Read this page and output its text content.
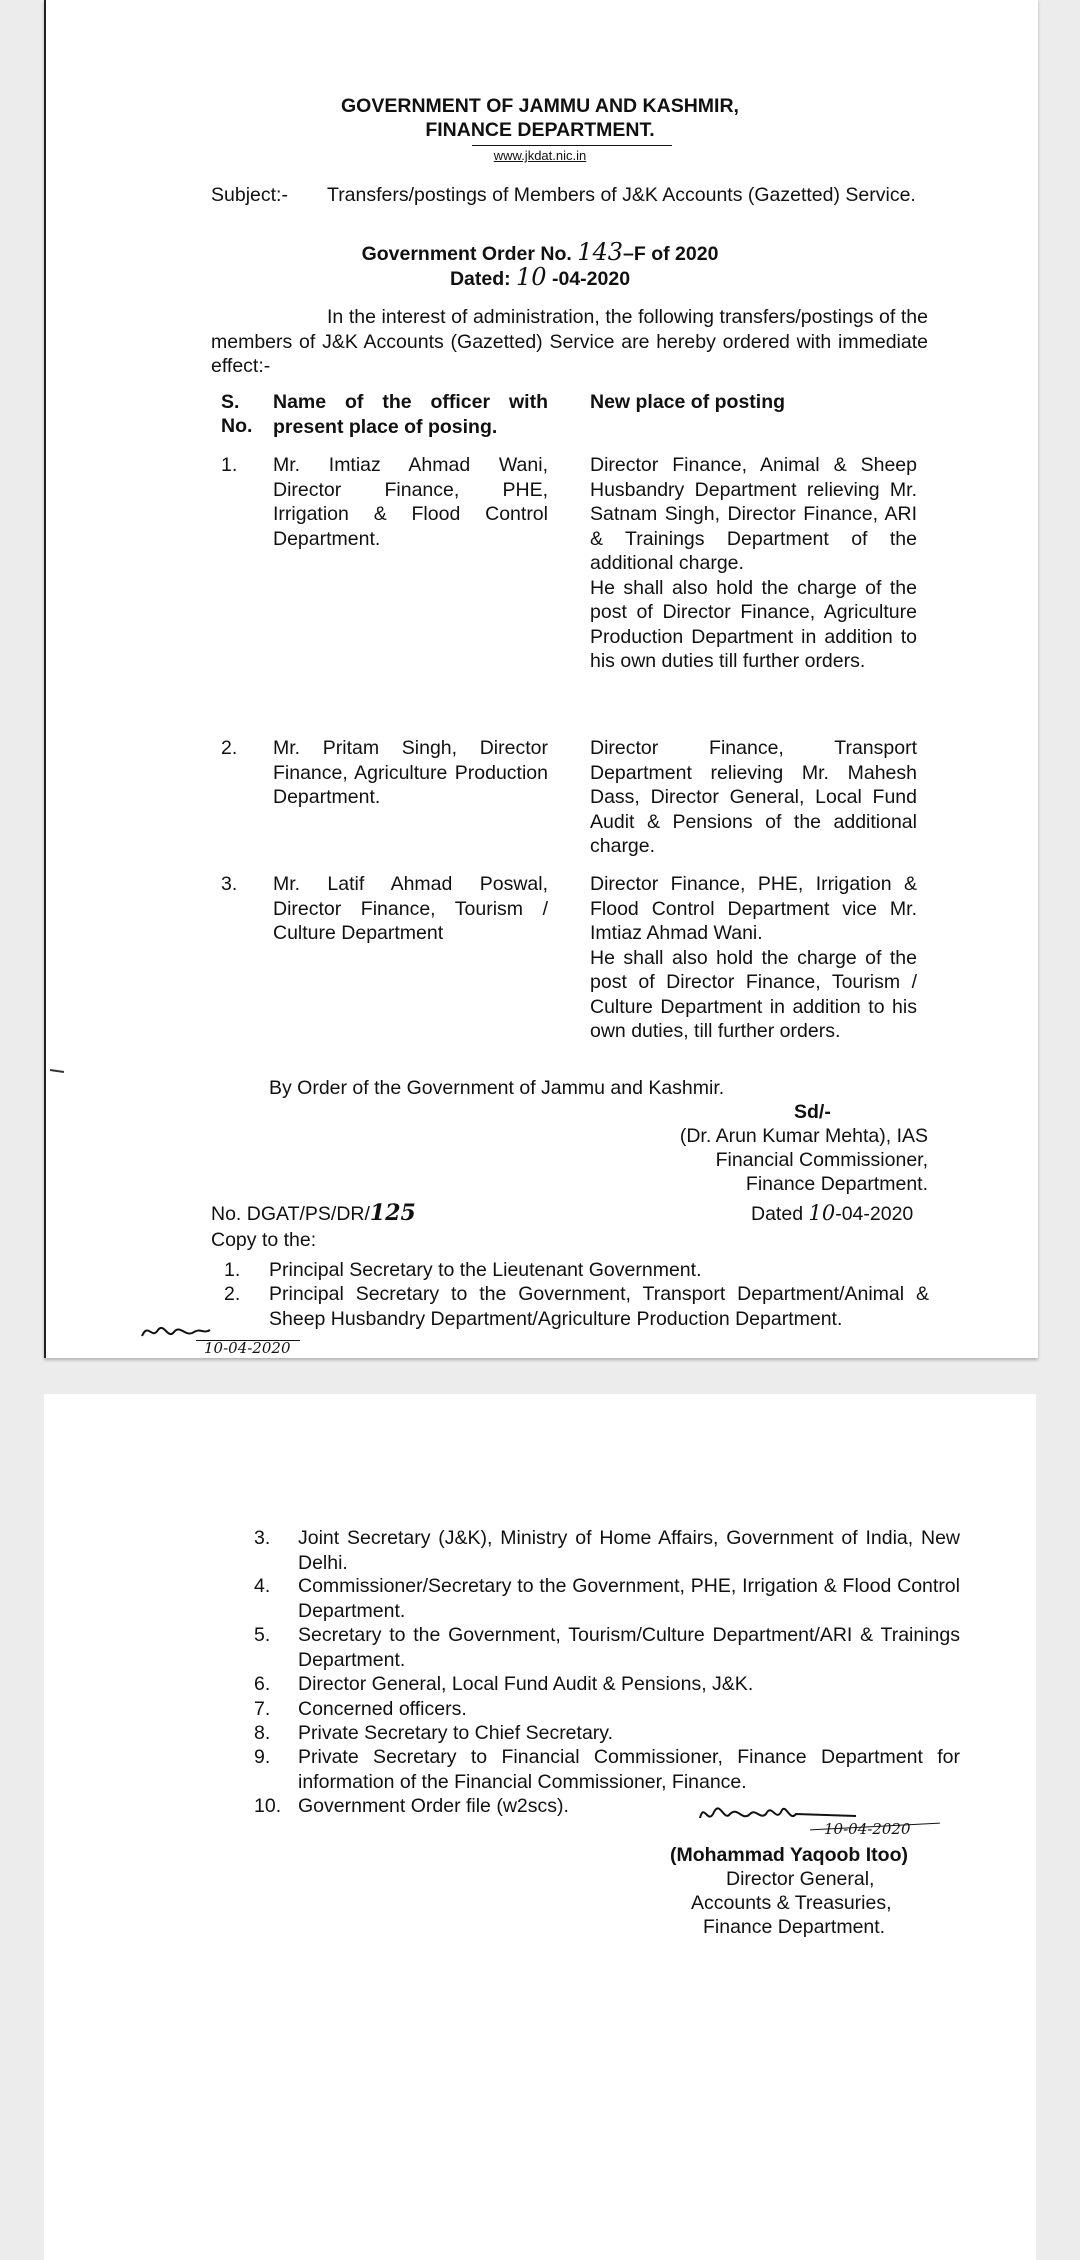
GOVERNMENT OF JAMMU AND KASHMIR,
FINANCE DEPARTMENT.
www.jkdat.nic.in
Subject:- Transfers/postings of Members of J&K Accounts (Gazetted) Service.
Government Order No. 143–F of 2020
Dated: 10 -04-2020
In the interest of administration, the following transfers/postings of the members of J&K Accounts (Gazetted) Service are hereby ordered with immediate effect:-
S.
No.
Name of the officer with present place of posing.
New place of posting
1. Mr. Imtiaz Ahmad Wani, Director Finance, PHE, Irrigation & Flood Control Department.
Director Finance, Animal & Sheep Husbandry Department relieving Mr. Satnam Singh, Director Finance, ARI & Trainings Department of the additional charge.
He shall also hold the charge of the post of Director Finance, Agriculture Production Department in addition to his own duties till further orders.
2. Mr. Pritam Singh, Director Finance, Agriculture Production Department.
Director Finance, Transport Department relieving Mr. Mahesh Dass, Director General, Local Fund Audit & Pensions of the additional charge.
3. Mr. Latif Ahmad Poswal, Director Finance, Tourism / Culture Department
Director Finance, PHE, Irrigation & Flood Control Department vice Mr. Imtiaz Ahmad Wani.
He shall also hold the charge of the post of Director Finance, Tourism / Culture Department in addition to his own duties, till further orders.
By Order of the Government of Jammu and Kashmir.
Sd/-
(Dr. Arun Kumar Mehta), IAS
Financial Commissioner,
Finance Department.
No. DGAT/PS/DR/125	Dated 10-04-2020
Copy to the:
1. Principal Secretary to the Lieutenant Government.
2. Principal Secretary to the Government, Transport Department/Animal & Sheep Husbandry Department/Agriculture Production Department.
10-04-2020
3. Joint Secretary (J&K), Ministry of Home Affairs, Government of India, New Delhi.
4. Commissioner/Secretary to the Government, PHE, Irrigation & Flood Control Department.
5. Secretary to the Government, Tourism/Culture Department/ARI & Trainings Department.
6. Director General, Local Fund Audit & Pensions, J&K.
7. Concerned officers.
8. Private Secretary to Chief Secretary.
9. Private Secretary to Financial Commissioner, Finance Department for information of the Financial Commissioner, Finance.
10. Government Order file (w2scs).
10-04-2020
(Mohammad Yaqoob Itoo)
Director General,
Accounts & Treasuries,
Finance Department.
